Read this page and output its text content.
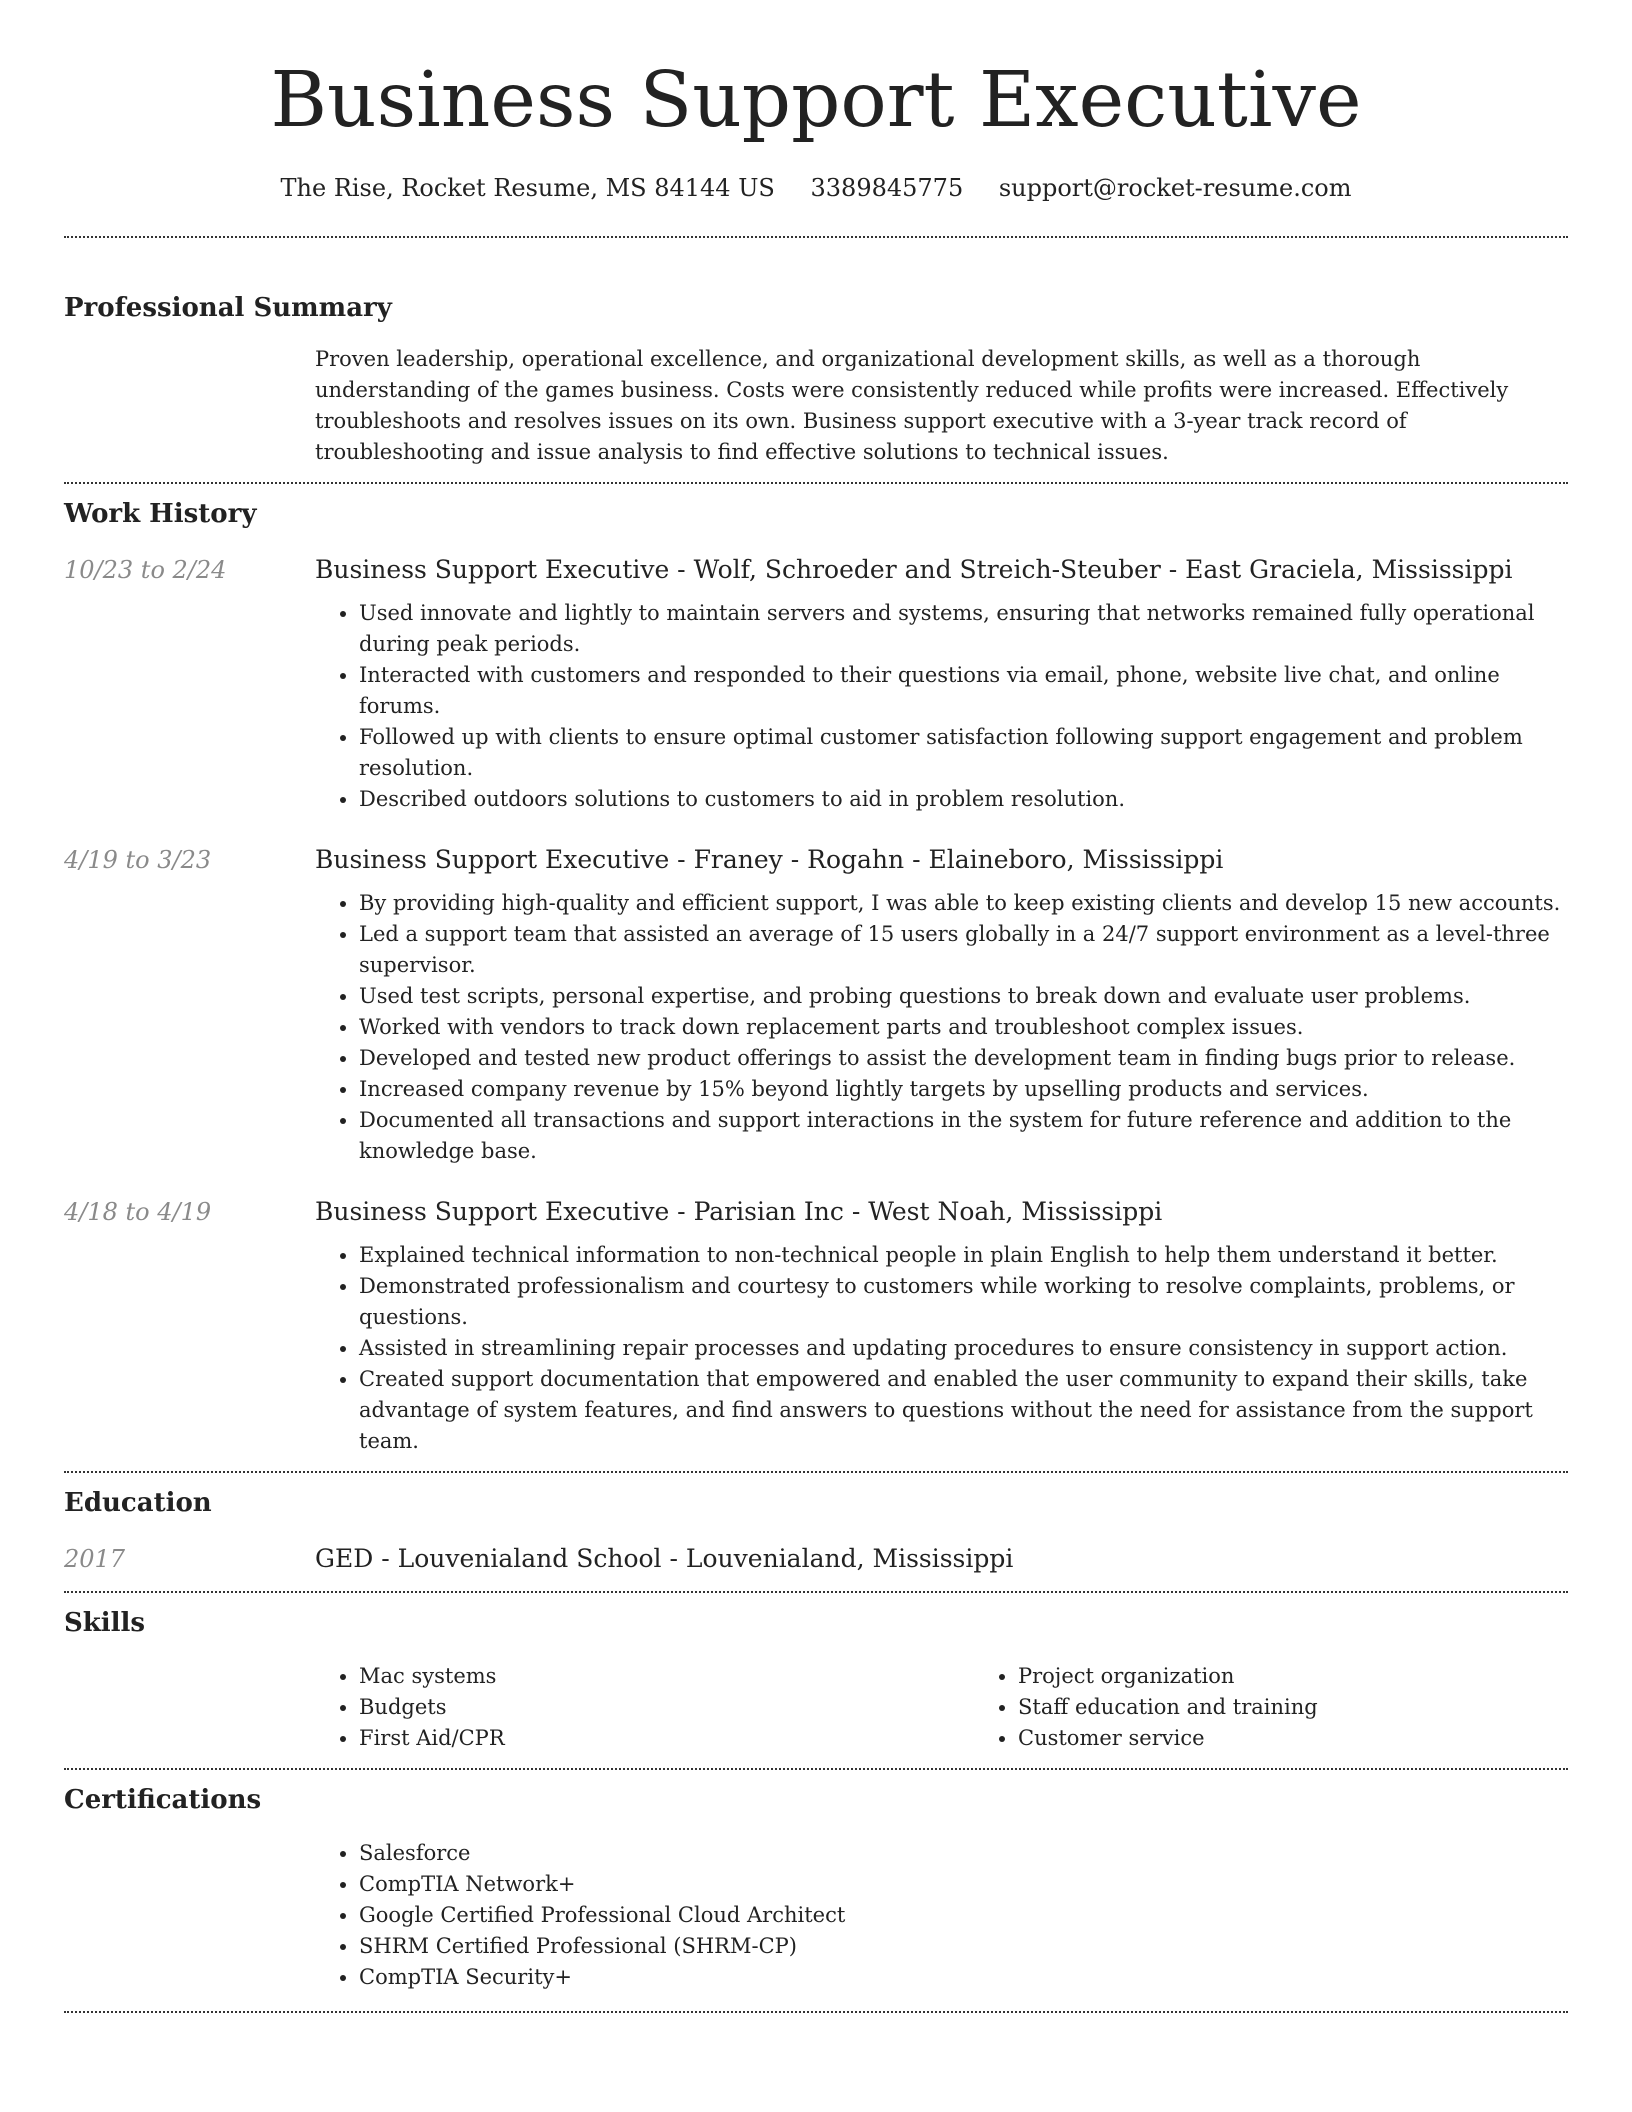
Business Support Executive
The Rise, Rocket Resume, MS 84144 US 3389845775 support@rocket-resume.com
Professional Summary

Proven leadership, operational excellence, and organizational development skills, as well as a thorough understanding of the games business. Costs were consistently reduced while profits were increased. Effectively troubleshoots and resolves issues on its own. Business support executive with a 3-year track record of troubleshooting and issue analysis to find effective solutions to technical issues.

Work History
10/23 to 2/24	Business Support Executive - Wolf, Schroeder and Streich-Steuber - East Graciela, Mississippi
• Used innovate and lightly to maintain servers and systems, ensuring that networks remained fully operational during peak periods.
• Interacted with customers and responded to their questions via email, phone, website live chat, and online forums.
• Followed up with clients to ensure optimal customer satisfaction following support engagement and problem resolution.
• Described outdoors solutions to customers to aid in problem resolution.
4/19 to 3/23	Business Support Executive - Franey - Rogahn - Elaineboro, Mississippi
• By providing high-quality and efficient support, I was able to keep existing clients and develop 15 new accounts.
• Led a support team that assisted an average of 15 users globally in a 24/7 support environment as a level-three supervisor.
• Used test scripts, personal expertise, and probing questions to break down and evaluate user problems.
• Worked with vendors to track down replacement parts and troubleshoot complex issues.
• Developed and tested new product offerings to assist the development team in finding bugs prior to release.
• Increased company revenue by 15% beyond lightly targets by upselling products and services.
• Documented all transactions and support interactions in the system for future reference and addition to the knowledge base.
4/18 to 4/19	Business Support Executive - Parisian Inc - West Noah, Mississippi
• Explained technical information to non-technical people in plain English to help them understand it better.
• Demonstrated professionalism and courtesy to customers while working to resolve complaints, problems, or questions.
• Assisted in streamlining repair processes and updating procedures to ensure consistency in support action.
• Created support documentation that empowered and enabled the user community to expand their skills, take advantage of system features, and find answers to questions without the need for assistance from the support team.
Education
2017	GED - Louvenialand School - Louvenialand, Mississippi
Skills
• Mac systems
• Budgets
• First Aid/CPR
• Project organization
• Staff education and training
• Customer service
Certifications
• Salesforce
• CompTIA Network+
• Google Certified Professional Cloud Architect
• SHRM Certified Professional (SHRM-CP)
• CompTIA Security+
